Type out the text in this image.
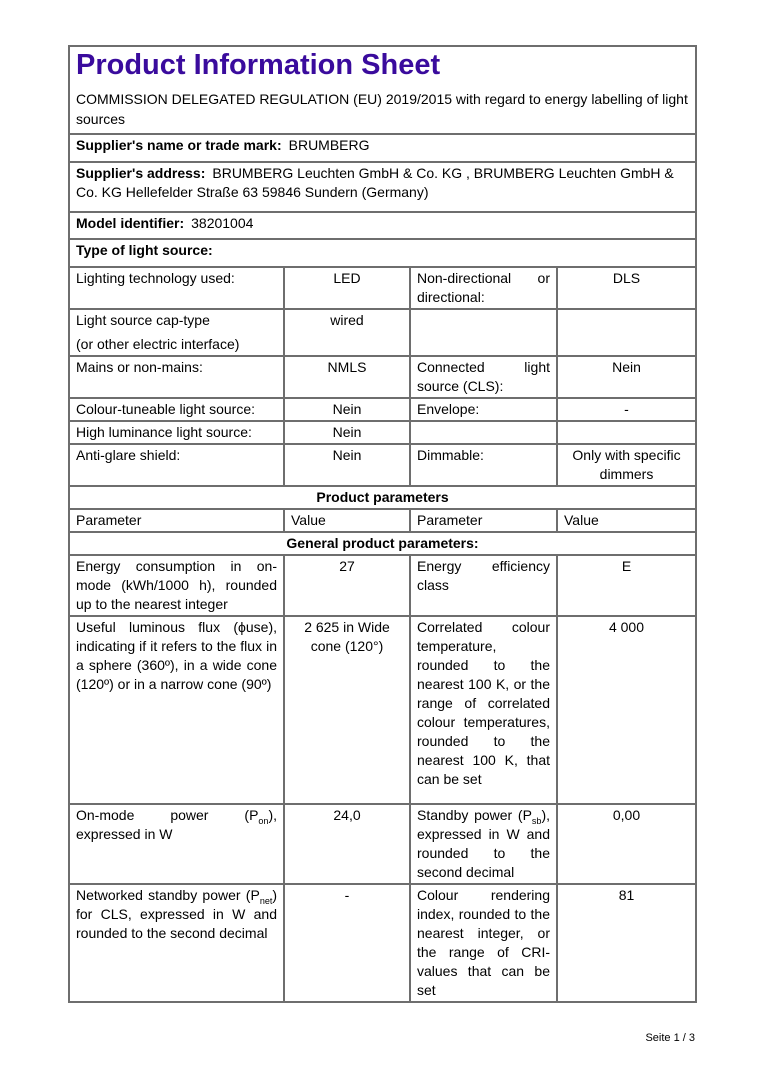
Product Information Sheet

COMMISSION DELEGATED REGULATION (EU) 2019/2015 with regard to energy labelling of light sources

Supplier's name or trade mark: BRUMBERG			
Supplier's address: BRUMBERG Leuchten GmbH & Co. KG , BRUMBERG Leuchten GmbH & Co. KG Hellefelder Straße 63 59846 Sundern (Germany)			
Model identifier: 38201004			
Type of light source:			
Lighting technology used:	LED	Non-directional or directional:	DLS

Light source cap-type
(or other electric interface)	wired		
Mains or non-mains:	NMLS	Connected light source (CLS):	Nein
Colour-tuneable light source:	Nein	Envelope:	-
High luminance light source:	Nein		
Anti-glare shield:	Nein	Dimmable:	Only with specific dimmers
Product parameters			
Parameter	Value	Parameter	Value
General product parameters:			
Energy consumption in on-mode (kWh/1000 h), rounded up to the nearest integer	27	Energy efficiency class	E
Useful luminous flux (ϕuse), indicating if it refers to the flux in a sphere (360º), in a wide cone (120º) or in a narrow cone (90º)	2 625 in Wide cone (120°)	Correlated colour temperature, rounded to the nearest 100 K, or the range of correlated colour temperatures, rounded to the nearest 100 K, that can be set	4 000
On-mode power $(P_{on})$, expressed in W	24,0	Standby power $(P_{sb})$, expressed in W and rounded to the second decimal	0,00
Networked standby power $(P_{net})$ for CLS, expressed in W and rounded to the second decimal	-	Colour rendering index, rounded to the nearest integer, or the range of CRI-values that can be set	81
Seite 1 / 3
